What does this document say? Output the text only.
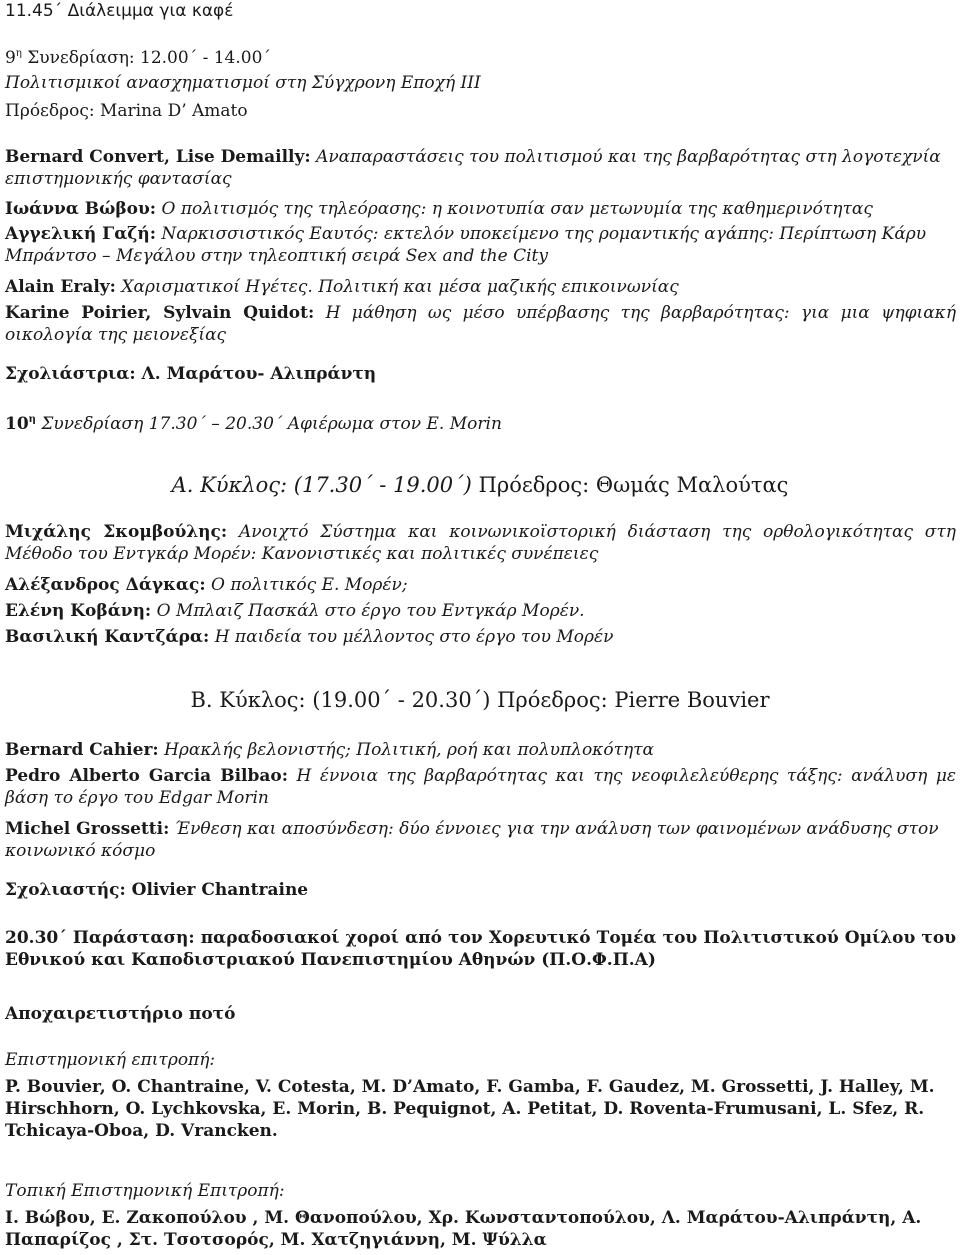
11.45΄ Διάλειμμα για καφέ
$9^\eta$ Συνεδρίαση: 12.00΄ - 14.00΄
Πολιτισμικοί ανασχηματισμοί στη Σύγχρονη Εποχή III
Πρόεδρος: Marina D’ Amato
Bernard Convert, Lise Demailly: Αναπαραστάσεις του πολιτισμού και της βαρβαρότητας στη λογοτεχνία επιστημονικής φαντασίας
Ιωάννα Βώβου: Ο πολιτισμός της τηλεόρασης: η κοινοτυπία σαν μετωνυμία της καθημερινότητας
Αγγελική Γαζή: Ναρκισσιστικός Εαυτός: εκτελόν υποκείμενο της ρομαντικής αγάπης: Περίπτωση Κάρυ Μπράντσο – Μεγάλου στην τηλεοπτική σειρά Sex and the City
Alain Eraly: Χαρισματικοί Ηγέτες. Πολιτική και μέσα μαζικής επικοινωνίας
Karine Poirier, Sylvain Quidot: Η μάθηση ως μέσο υπέρβασης της βαρβαρότητας: για μια ψηφιακή οικολογία της μειονεξίας
Σχολιάστρια: Λ. Μαράτου- Αλιπράντη
$10^\eta$ Συνεδρίαση 17.30΄ – 20.30΄ Αφιέρωμα στον Ε. Morin
Α. Κύκλος: (17.30΄ - 19.00΄) Πρόεδρος: Θωμάς Μαλούτας
Μιχάλης Σκομβούλης: Ανοιχτό Σύστημα και κοινωνικοϊστορική διάσταση της ορθολογικότητας στη Μέθοδο του Εντγκάρ Μορέν: Κανονιστικές και πολιτικές συνέπειες
Αλέξανδρος Δάγκας: Ο πολιτικός Ε. Μορέν;
Ελένη Κοβάνη: Ο Μπλαιζ Πασκάλ στο έργο του Εντγκάρ Μορέν.
Βασιλική Καντζάρα: Η παιδεία του μέλλοντος στο έργο του Μορέν
Β. Κύκλος: (19.00΄ - 20.30΄) Πρόεδρος: Pierre Bouvier
Bernard Cahier: Ηρακλής βελονιστής; Πολιτική, ροή και πολυπλοκότητα
Pedro Alberto Garcia Bilbao: Η έννοια της βαρβαρότητας και της νεοφιλελεύθερης τάξης: ανάλυση με βάση το έργο του Edgar Morin
Michel Grossetti: Ένθεση και αποσύνδεση: δύο έννοιες για την ανάλυση των φαινομένων ανάδυσης στον κοινωνικό κόσμο
Σχολιαστής: Olivier Chantraine
20.30΄ Παράσταση: παραδοσιακοί χοροί από τον Χορευτικό Τομέα του Πολιτιστικού Ομίλου του Εθνικού και Καποδιστριακού Πανεπιστημίου Αθηνών (Π.Ο.Φ.Π.Α)
Αποχαιρετιστήριο ποτό
Επιστημονική επιτροπή:
P. Bouvier, O. Chantraine, V. Cotesta, M. D’Amato, F. Gamba, F. Gaudez, M. Grossetti, J. Halley, M. Hirschhorn, O. Lychkovska, E. Morin, B. Pequignot, A. Petitat, D. Roventa-Frumusani, L. Sfez, R. Tchicaya-Oboa, D. Vrancken.
Τοπική Επιστημονική Επιτροπή:
Ι. Βώβου, Ε. Ζακοπούλου , Μ. Θανοπούλου, Χρ. Κωνσταντοπούλου, Λ. Μαράτου-Αλιπράντη, Α. Παπαρίζος , Στ. Τσοτσορός, Μ. Χατζηγιάννη, Μ. Ψύλλα
